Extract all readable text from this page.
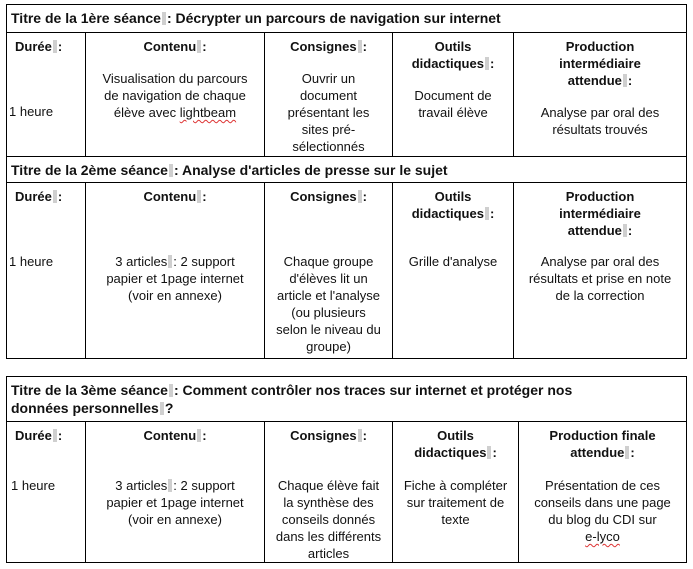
Titre de la 1ère séance : Décrypter un parcours de navigation sur internet
Durée :
1 heure
Contenu :
Visualisation du parcours
de navigation de chaque
élève avec lightbeam
Consignes :
Ouvrir un
document
présentant les
sites pré-
sélectionnés
Outils
didactiques :
Document de
travail élève
Production
intermédiaire
attendue :
Analyse par oral des
résultats trouvés
Titre de la 2ème séance : Analyse d'articles de presse sur le sujet
Durée :
1 heure
Contenu :
3 articles : 2 support
papier et 1page internet
(voir en annexe)
Consignes :
Chaque groupe
d'élèves lit un
article et l'analyse
(ou plusieurs
selon le niveau du
groupe)
Outils
didactiques :
Grille d'analyse
Production
intermédiaire
attendue :
Analyse par oral des
résultats et prise en note
de la correction
Titre de la 3ème séance : Comment contrôler nos traces sur internet et protéger nos
données personnelles ?
Durée :
1 heure
Contenu :
3 articles : 2 support
papier et 1page internet
(voir en annexe)
Consignes :
Chaque élève fait
la synthèse des
conseils donnés
dans les différents
articles
Outils
didactiques :
Fiche à compléter
sur traitement de
texte
Production finale
attendue :
Présentation de ces
conseils dans une page
du blog du CDI sur
e-lyco
